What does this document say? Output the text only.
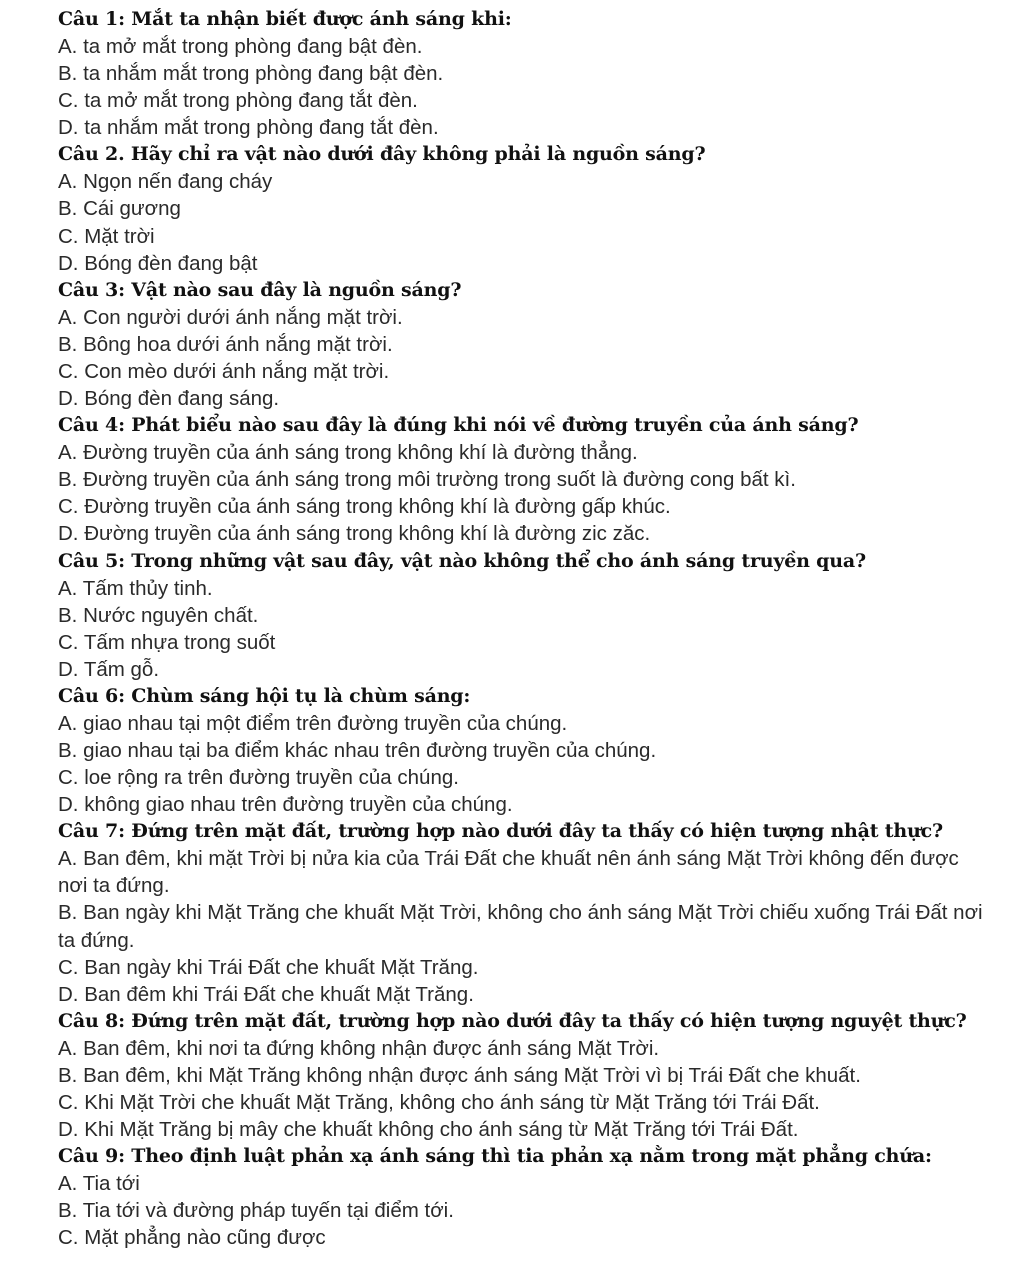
Câu 1: Mắt ta nhận biết được ánh sáng khi:
A. ta mở mắt trong phòng đang bật đèn.
B. ta nhắm mắt trong phòng đang bật đèn.
C. ta mở mắt trong phòng đang tắt đèn.
D. ta nhắm mắt trong phòng đang tắt đèn.
Câu 2. Hãy chỉ ra vật nào dưới đây không phải là nguồn sáng?
A. Ngọn nến đang cháy
B. Cái gương
C. Mặt trời
D. Bóng đèn đang bật
Câu 3: Vật nào sau đây là nguồn sáng?
A. Con người dưới ánh nắng mặt trời.
B. Bông hoa dưới ánh nắng mặt trời.
C. Con mèo dưới ánh nắng mặt trời.
D. Bóng đèn đang sáng.
Câu 4: Phát biểu nào sau đây là đúng khi nói về đường truyền của ánh sáng?
A. Đường truyền của ánh sáng trong không khí là đường thẳng.
B. Đường truyền của ánh sáng trong môi trường trong suốt là đường cong bất kì.
C. Đường truyền của ánh sáng trong không khí là đường gấp khúc.
D. Đường truyền của ánh sáng trong không khí là đường zic zăc.
Câu 5: Trong những vật sau đây, vật nào không thể cho ánh sáng truyền qua?
A. Tấm thủy tinh.
B. Nước nguyên chất.
C. Tấm nhựa trong suốt
D. Tấm gỗ.
Câu 6: Chùm sáng hội tụ là chùm sáng:
A. giao nhau tại một điểm trên đường truyền của chúng.
B. giao nhau tại ba điểm khác nhau trên đường truyền của chúng.
C. loe rộng ra trên đường truyền của chúng.
D. không giao nhau trên đường truyền của chúng.
Câu 7: Đứng trên mặt đất, trường hợp nào dưới đây ta thấy có hiện tượng nhật thực?
A. Ban đêm, khi mặt Trời bị nửa kia của Trái Đất che khuất nên ánh sáng Mặt Trời không đến được nơi ta đứng.
B. Ban ngày khi Mặt Trăng che khuất Mặt Trời, không cho ánh sáng Mặt Trời chiếu xuống Trái Đất nơi ta đứng.
C. Ban ngày khi Trái Đất che khuất Mặt Trăng.
D. Ban đêm khi Trái Đất che khuất Mặt Trăng.
Câu 8: Đứng trên mặt đất, trường hợp nào dưới đây ta thấy có hiện tượng nguyệt thực?
A. Ban đêm, khi nơi ta đứng không nhận được ánh sáng Mặt Trời.
B. Ban đêm, khi Mặt Trăng không nhận được ánh sáng Mặt Trời vì bị Trái Đất che khuất.
C. Khi Mặt Trời che khuất Mặt Trăng, không cho ánh sáng từ Mặt Trăng tới Trái Đất.
D. Khi Mặt Trăng bị mây che khuất không cho ánh sáng từ Mặt Trăng tới Trái Đất.
Câu 9: Theo định luật phản xạ ánh sáng thì tia phản xạ nằm trong mặt phẳng chứa:
A. Tia tới
B. Tia tới và đường pháp tuyến tại điểm tới.
C. Mặt phẳng nào cũng được
